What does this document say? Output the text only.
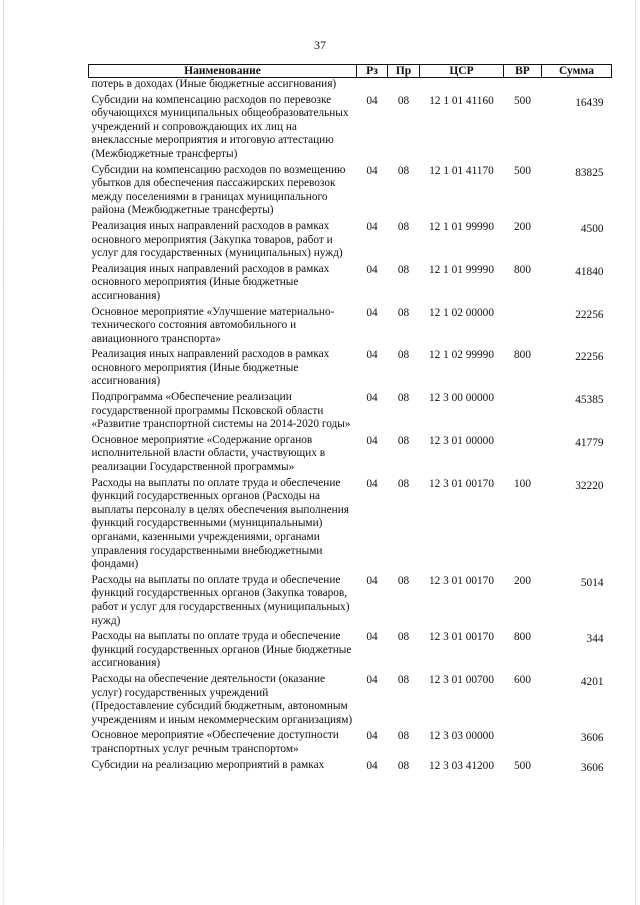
37
Наименование	Рз	Пр	ЦСР	ВР	Сумма
потерь в доходах (Иные бюджетные ассигнования)					
Субсидии на компенсацию расходов по перевозке обучающихся муниципальных общеобразовательных учреждений и сопровождающих их лиц на внеклассные мероприятия и итоговую аттестацию (Межбюджетные трансферты)	04	08	12 1 01 41160	500	16439
Субсидии на компенсацию расходов по возмещению убытков для обеспечения пассажирских перевозок между поселениями в границах муниципального района (Межбюджетные трансферты)	04	08	12 1 01 41170	500	83825
Реализация иных направлений расходов в рамках основного мероприятия (Закупка товаров, работ и услуг для государственных (муниципальных) нужд)	04	08	12 1 01 99990	200	4500
Реализация иных направлений расходов в рамках основного мероприятия (Иные бюджетные ассигнования)	04	08	12 1 01 99990	800	41840
Основное мероприятие «Улучшение материально-технического состояния автомобильного и авиационного транспорта»	04	08	12 1 02 00000		22256
Реализация иных направлений расходов в рамках основного мероприятия (Иные бюджетные ассигнования)	04	08	12 1 02 99990	800	22256
Подпрограмма «Обеспечение реализации государственной программы Псковской области «Развитие транспортной системы на 2014-2020 годы»	04	08	12 3 00 00000		45385
Основное мероприятие «Содержание органов исполнительной власти области, участвующих в реализации Государственной программы»	04	08	12 3 01 00000		41779
Расходы на выплаты по оплате труда и обеспечение функций государственных органов (Расходы на выплаты персоналу в целях обеспечения выполнения функций государственными (муниципальными) органами, казенными учреждениями, органами управления государственными внебюджетными фондами)	04	08	12 3 01 00170	100	32220
Расходы на выплаты по оплате труда и обеспечение функций государственных органов (Закупка товаров, работ и услуг для государственных (муниципальных) нужд)	04	08	12 3 01 00170	200	5014
Расходы на выплаты по оплате труда и обеспечение функций государственных органов (Иные бюджетные ассигнования)	04	08	12 3 01 00170	800	344
Расходы на обеспечение деятельности (оказание услуг) государственных учреждений (Предоставление субсидий бюджетным, автономным учреждениям и иным некоммерческим организациям)	04	08	12 3 01 00700	600	4201
Основное мероприятие «Обеспечение доступности транспортных услуг речным транспортом»	04	08	12 3 03 00000		3606
Субсидии на реализацию мероприятий в рамках	04	08	12 3 03 41200	500	3606
